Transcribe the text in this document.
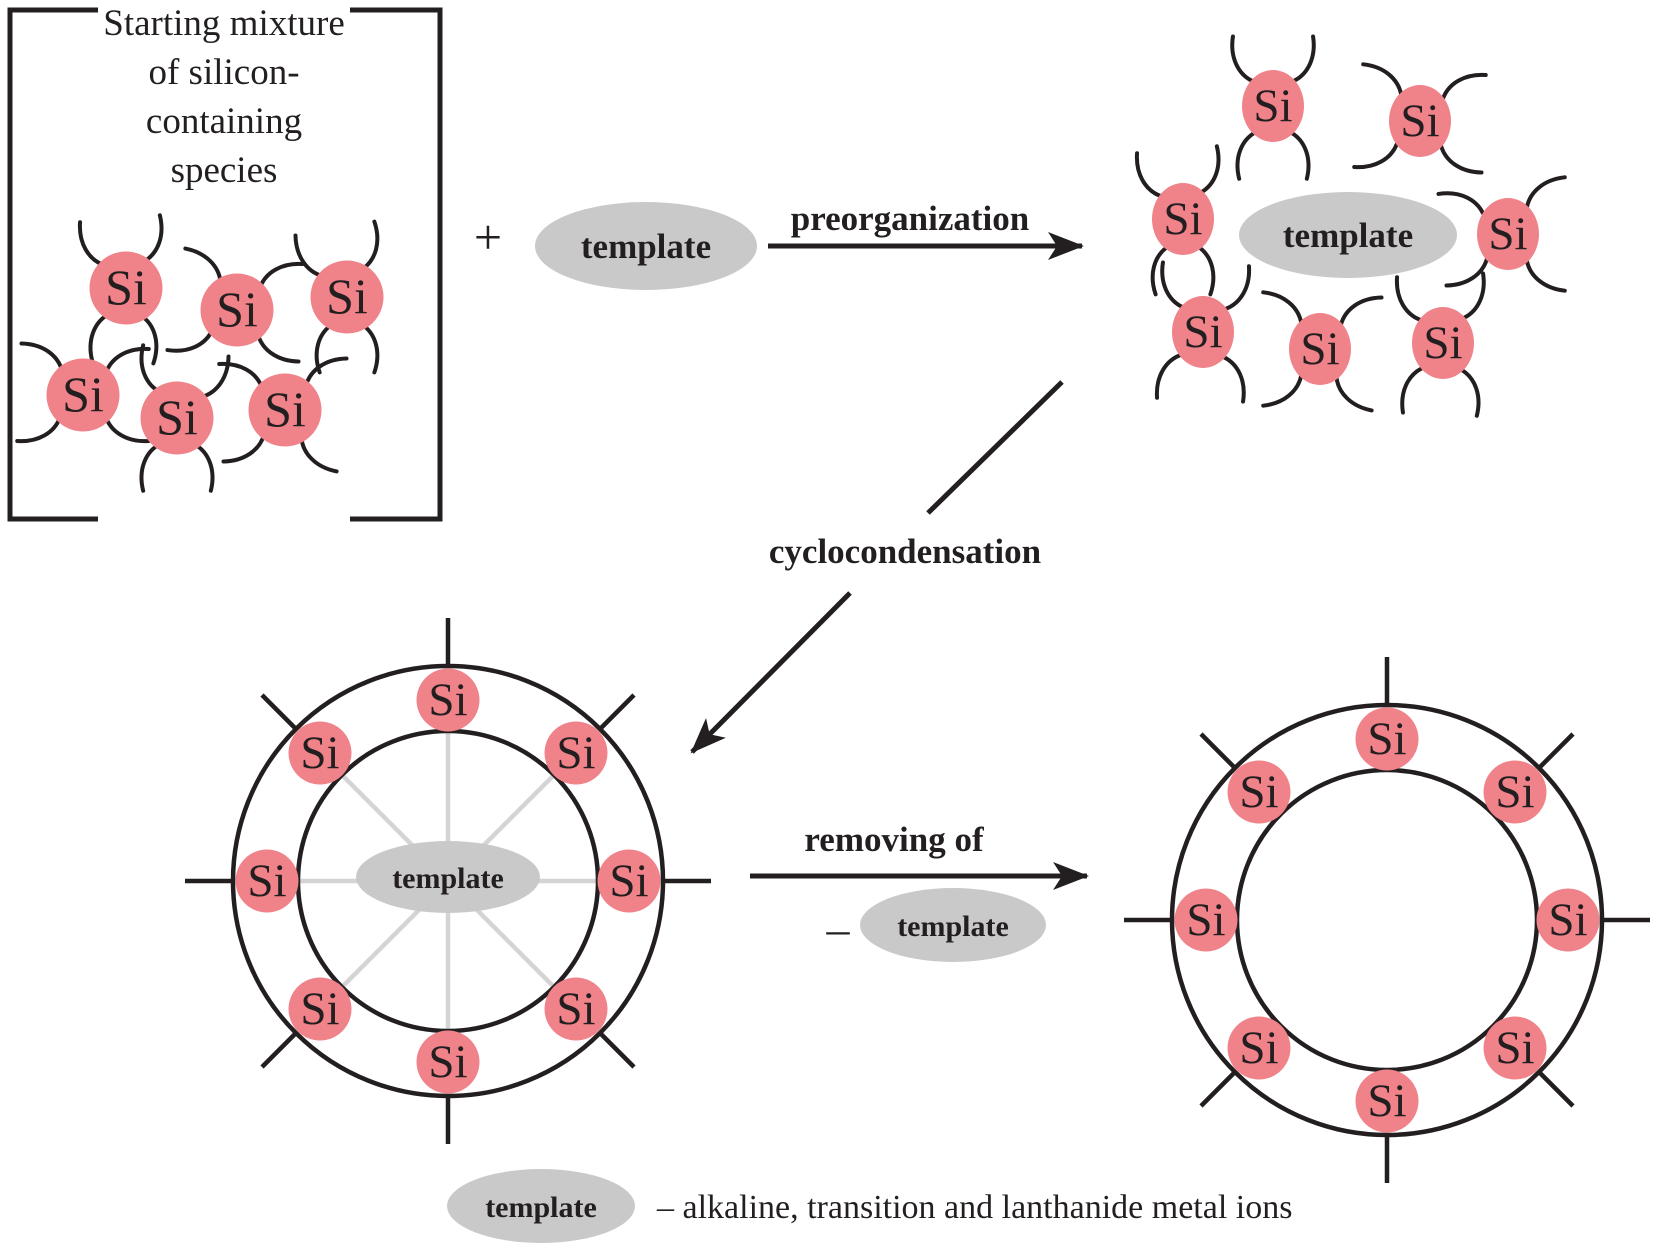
Starting mixture
of silicon-
containing
species
Si Si Si
Si Si Si
+ template
preorganization
Si Si
Si	Si
Si Si Si
template
cyclocondensation
template
Si
Si
Si
Si
Si
Si
Si
Si
removing of
– template
Si
Si
Si
Si
Si
Si
Si
Si
template – alkaline, transition and lanthanide metal ions
